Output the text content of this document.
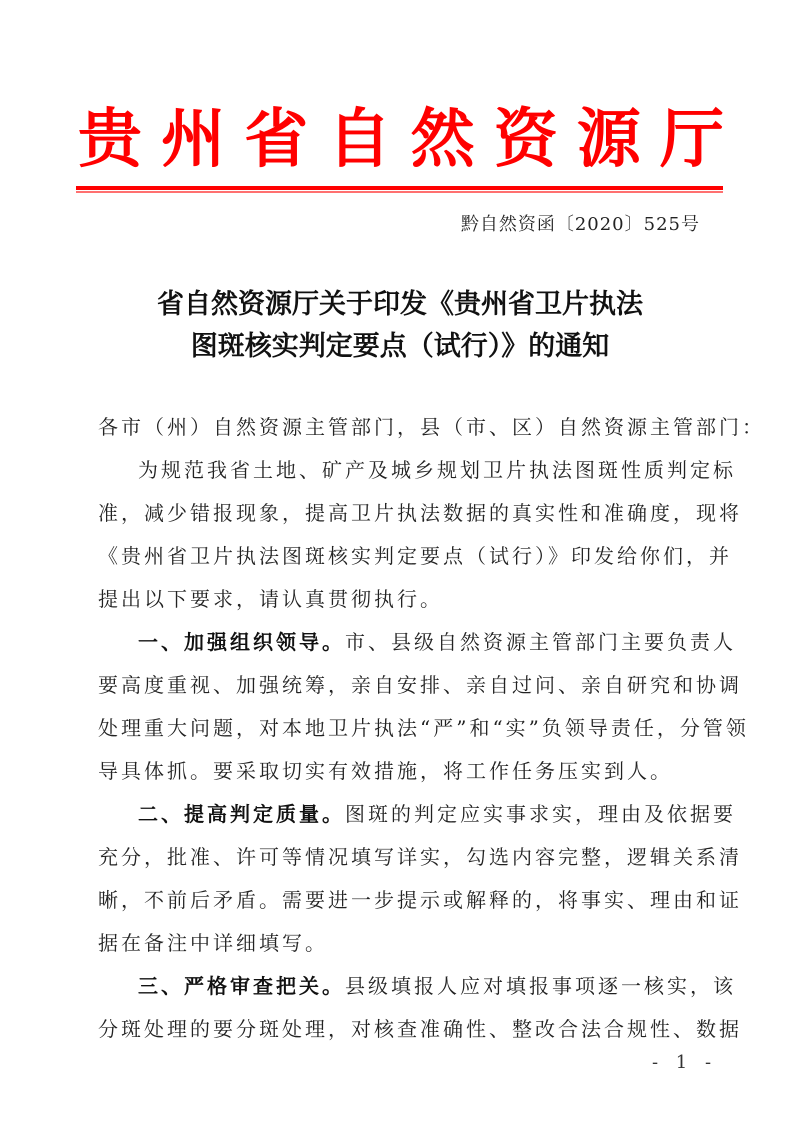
贵 州 省 自 然 资 源 厅
黔自然资函〔2020〕525号
省自然资源厅关于印发《贵州省卫片执法
图斑核实判定要点（试行）》的通知
各市（州）自然资源主管部门，县（市、区）自然资源主管部门：
为规范我省土地、矿产及城乡规划卫片执法图斑性质判定标
准，减少错报现象，提高卫片执法数据的真实性和准确度，现将
《贵州省卫片执法图斑核实判定要点（试行）》印发给你们，并
提出以下要求，请认真贯彻执行。
一、加强组织领导。 市、县级自然资源主管部门主要负责人
要高度重视、加强统筹，亲自安排、亲自过问、亲自研究和协调
处理重大问题，对本地卫片执法“严”和“实”负领导责任，分管领
导具体抓。要采取切实有效措施，将工作任务压实到人。
二、提高判定质量。 图斑的判定应实事求实，理由及依据要
充分，批准、许可等情况填写详实，勾选内容完整，逻辑关系清
晰，不前后矛盾。需要进一步提示或解释的，将事实、理由和证
据在备注中详细填写。
三、严格审查把关。 县级填报人应对填报事项逐一核实，该
分斑处理的要分斑处理，对核查准确性、整改合法合规性、数据
- 1 -
